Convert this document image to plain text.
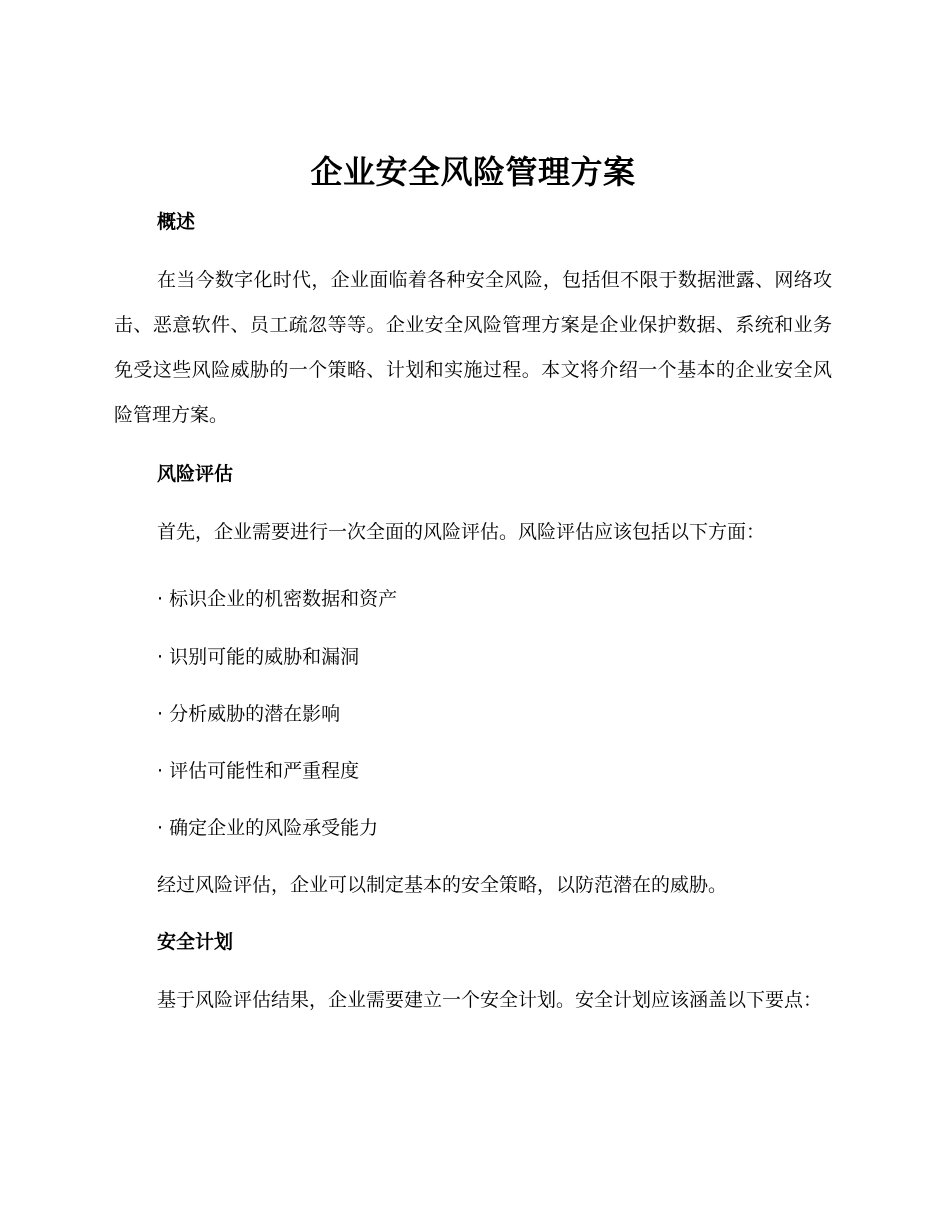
企业安全风险管理方案
概述

在当今数字化时代，企业面临着各种安全风险，包括但不限于数据泄露、网络攻击、恶意软件、员工疏忽等等。企业安全风险管理方案是企业保护数据、系统和业务免受这些风险威胁的一个策略、计划和实施过程。本文将介绍一个基本的企业安全风险管理方案。

风险评估

首先，企业需要进行一次全面的风险评估。风险评估应该包括以下方面：

· 标识企业的机密数据和资产

· 识别可能的威胁和漏洞

· 分析威胁的潜在影响

· 评估可能性和严重程度

· 确定企业的风险承受能力

经过风险评估，企业可以制定基本的安全策略，以防范潜在的威胁。

安全计划

基于风险评估结果，企业需要建立一个安全计划。安全计划应该涵盖以下要点：
